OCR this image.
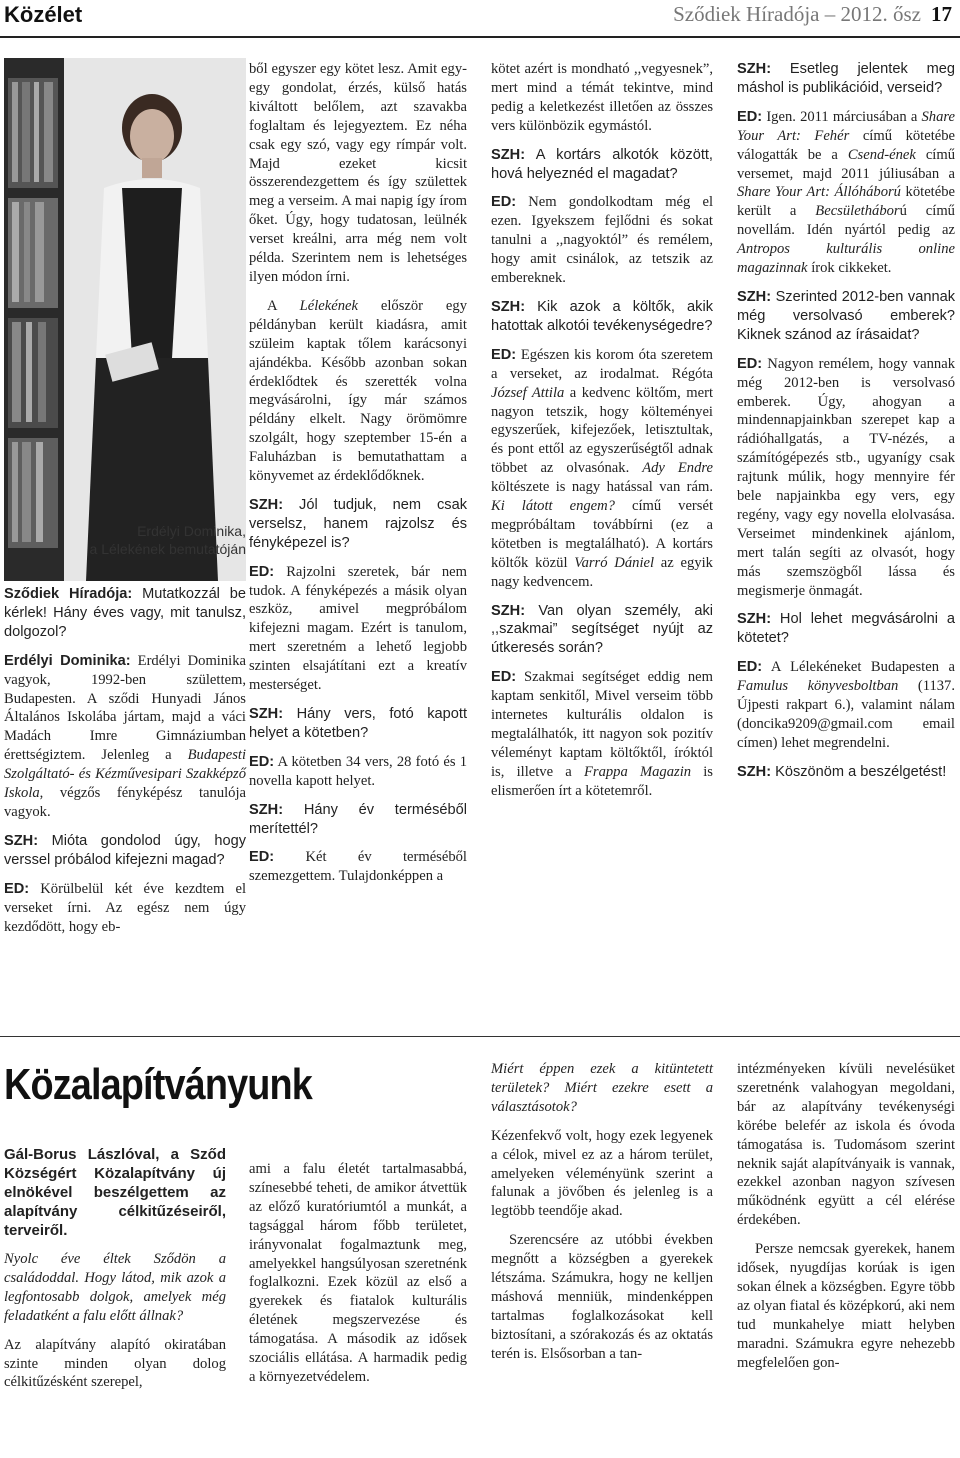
Közélet	Sződiek Híradója – 2012. ősz 17
Erdélyi Dominika,
a Lélekének bemutatóján

Sződiek Híradója: Mutatkozzál be kérlek! Hány éves vagy, mit tanulsz, dolgozol?

Erdélyi Dominika: Erdélyi Dominika vagyok, 1992-ben születtem, Budapesten. A sződi Hunyadi János Általános Iskolába jártam, majd a váci Madách Imre Gimnáziumban érettségiztem. Jelenleg a Budapesti Szolgáltató- és Kézművesipari Szakképző Iskola, végzős fényképész tanulója vagyok.

SZH: Mióta gondolod úgy, hogy verssel próbálod kifejezni magad?

ED: Körülbelül két éve kezdtem el verseket írni. Az egész nem úgy kezdődött, hogy eb-

ből egyszer egy kötet lesz. Amit egy-egy gondolat, érzés, külső hatás kiváltott belőlem, azt szavakba foglaltam és lejegyeztem. Ez néha csak egy szó, vagy egy rímpár volt. Majd ezeket kicsit összerendezgettem és így születtek meg a verseim. A mai napig így írom őket. Úgy, hogy tudatosan, leülnék verset kreálni, arra még nem volt példa. Szerintem nem is lehetséges ilyen módon írni.

A Lélekének először egy példányban került kiadásra, amit szüleim kaptak tőlem karácsonyi ajándékba. Később azonban sokan érdeklődtek és szerették volna megvásárolni, így már számos példány elkelt. Nagy örömömre szolgált, hogy szeptember 15-én a Faluházban is bemutathattam a könyvemet az érdeklődőknek.

SZH: Jól tudjuk, nem csak verselsz, hanem rajzolsz és fényképezel is?

ED: Rajzolni szeretek, bár nem tudok. A fényképezés a másik olyan eszköz, amivel megpróbálom kifejezni magam. Ezért is tanulom, mert szeretném a lehető legjobb szinten elsajátítani ezt a kreatív mesterséget.

SZH: Hány vers, fotó kapott helyet a kötetben?

ED: A kötetben 34 vers, 28 fotó és 1 novella kapott helyet.

SZH: Hány év terméséből merítettél?

ED: Két év terméséből szemezgettem. Tulajdonképpen a

kötet azért is mondható ,,vegyesnek”, mert mind a témát tekintve, mind pedig a keletkezést illetően az összes vers különbözik egymástól.

SZH: A kortárs alkotók között, hová helyeznéd el magadat?

ED: Nem gondolkodtam még el ezen. Igyekszem fejlődni és sokat tanulni a ,,nagyoktól” és remélem, hogy amit csinálok, az tetszik az embereknek.

SZH: Kik azok a költők, akik hatottak alkotói tevékenységedre?

ED: Egészen kis korom óta szeretem a verseket, az irodalmat. Régóta József Attila a kedvenc költőm, mert nagyon tetszik, hogy költeményei egyszerűek, kifejezőek, letisztultak, és pont ettől az egyszerűségtől adnak többet az olvasónak. Ady Endre költészete is nagy hatással van rám. Ki látott engem? című versét megpróbáltam továbbírni (ez a kötetben is megtalálható). A kortárs költők közül Varró Dániel az egyik nagy kedvencem.

SZH: Van olyan személy, aki ,,szakmai” segítséget nyújt az útkeresés során?

ED: Szakmai segítséget eddig nem kaptam senkitől, Mivel verseim több internetes kulturális oldalon is megtalálhatók, itt nagyon sok pozitív véleményt kaptam költőktől, íróktól is, illetve a Frappa Magazin is elismerően írt a kötetemről.

SZH: Esetleg jelentek meg máshol is publikációid, verseid?

ED: Igen. 2011 márciusában a Share Your Art: Fehér című kötetébe válogatták be a Csend-ének című versemet, majd 2011 júliusában a Share Your Art: Állóháború kötetébe került a Becsületháború című novellám. Idén nyártól pedig az Antropos kulturális online magazinnak írok cikkeket.

SZH: Szerinted 2012-ben vannak még versolvasó emberek? Kiknek szánod az írásaidat?

ED: Nagyon remélem, hogy vannak még 2012-ben is versolvasó emberek. Úgy, ahogyan a mindennapjainkban szerepet kap a rádióhallgatás, a TV-nézés, a számítógépezés stb., ugyanígy csak rajtunk múlik, hogy mennyire fér bele napjainkba egy vers, egy regény, vagy egy novella elolvasása. Verseimet mindenkinek ajánlom, mert talán segíti az olvasót, hogy más szemszögből lássa és megismerje önmagát.

SZH: Hol lehet megvásárolni a kötetet?

ED: A Lélekéneket Budapesten a Famulus könyvesboltban (1137. Újpesti rakpart 6.), valamint nálam (doncika9209@gmail.com email címen) lehet megrendelni.

SZH: Köszönöm a beszélgetést!

Közalapítványunk

Gál-Borus Lászlóval, a Sződ Községért Közalapítvány új elnökével beszélgettem az alapítvány célkitűzéseiről, terveiről.

Nyolc éve éltek Sződön a családoddal. Hogy látod, mik azok a legfontosabb dolgok, amelyek még feladatként a falu előtt állnak?

Az alapítvány alapító okiratában szinte minden olyan dolog célkitűzésként szerepel,

ami a falu életét tartalmasabbá, színesebbé teheti, de amikor átvettük az előző kuratóriumtól a munkát, a tagsággal három főbb területet, irányvonalat fogalmaztunk meg, amelyekkel hangsúlyosan szeretnénk foglalkozni. Ezek közül az első a gyerekek és fiatalok kulturális életének megszervezése és támogatása. A második az idősek szociális ellátása. A harmadik pedig a környezetvédelem.

Miért éppen ezek a kitüntetett területek? Miért ezekre esett a választásotok?

Kézenfekvő volt, hogy ezek legyenek a célok, mivel ez az a három terület, amelyeken véleményünk szerint a falunak a jövőben és jelenleg is a legtöbb teendője akad.

Szerencsére az utóbbi években megnőtt a községben a gyerekek létszáma. Számukra, hogy ne kelljen máshová menniük, mindenképpen tartalmas foglalkozásokat kell biztosítani, a szórakozás és az oktatás terén is. Elsősorban a tan-

intézményeken kívüli nevelésüket szeretnénk valahogyan megoldani, bár az alapítvány tevékenységi körébe belefér az iskola és óvoda támogatása is. Tudomásom szerint neknik saját alapítványaik is vannak, ezekkel azonban nagyon szívesen működnénk együtt a cél elérése érdekében.

Persze nemcsak gyerekek, hanem idősek, nyugdíjas korúak is igen sokan élnek a községben. Egyre több az olyan fiatal és középkorú, aki nem tud munkahelye miatt helyben maradni. Számukra egyre nehezebb megfelelően gon-
